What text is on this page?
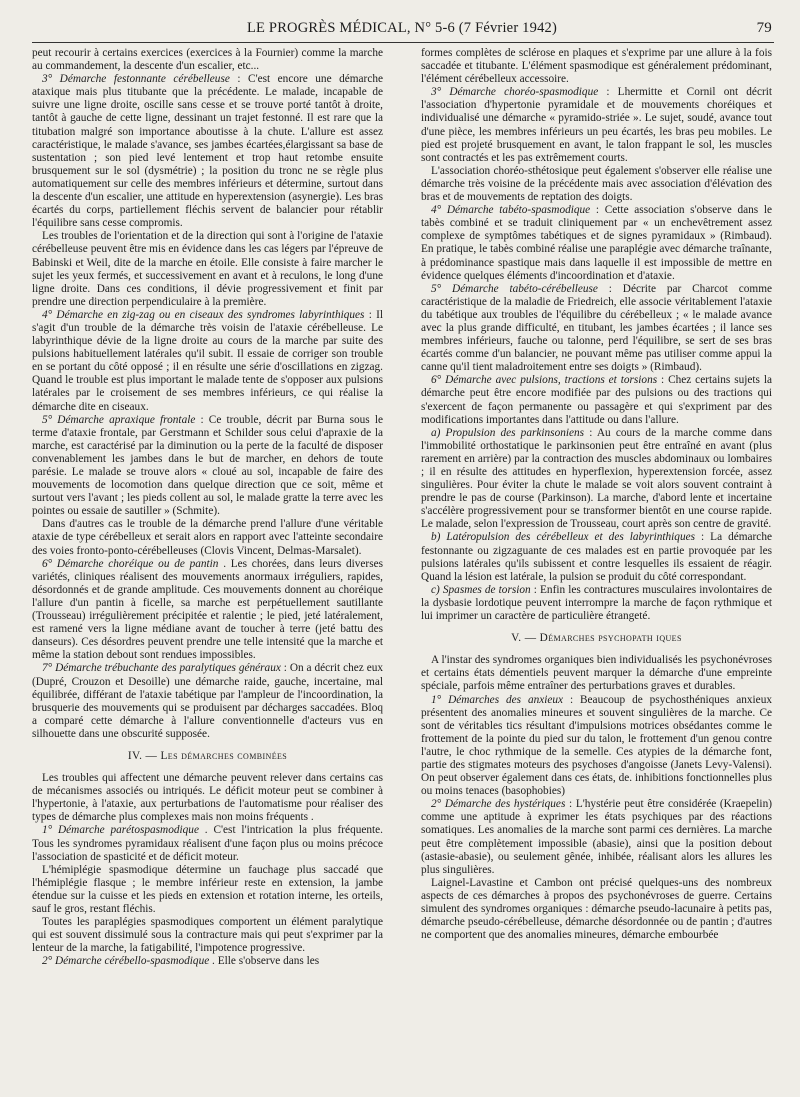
LE PROGRÈS MÉDICAL, N° 5-6 (7 Février 1942)	79

peut recourir à certains exercices (exercices à la Fournier) comme la marche au commandement, la descente d'un escalier, etc...

3° Démarche festonnante cérébelleuse : C'est encore une démarche ataxique mais plus titubante que la précédente. Le malade, incapable de suivre une ligne droite, oscille sans cesse et se trouve porté tantôt à droite, tantôt à gauche de cette ligne, dessinant un trajet festonné. Il est rare que la titubation malgré son importance aboutisse à la chute. L'allure est assez caractéristique, le malade s'avance, ses jambes écartées,élargissant sa base de sustentation ; son pied levé lentement et trop haut retombe ensuite brusquement sur le sol (dysmétrie) ; la position du tronc ne se règle plus automatiquement sur celle des membres inférieurs et détermine, surtout dans la descente d'un escalier, une attitude en hyperextension (asynergie). Les bras écartés du corps, partiellement fléchis servent de balancier pour rétablir l'équilibre sans cesse compromis.

Les troubles de l'orientation et de la direction qui sont à l'origine de l'ataxie cérébelleuse peuvent être mis en évidence dans les cas légers par l'épreuve de Babinski et Weil, dite de la marche en étoile. Elle consiste à faire marcher le sujet les yeux fermés, et successivement en avant et à reculons, le long d'une ligne droite. Dans ces conditions, il dévie progressivement et finit par prendre une direction perpendiculaire à la première.

4° Démarche en zig-zag ou en ciseaux des syndromes labyrinthiques : Il s'agit d'un trouble de la démarche très voisin de l'ataxie cérébelleuse. Le labyrinthique dévie de la ligne droite au cours de la marche par suite des pulsions habituellement latérales qu'il subit. Il essaie de corriger son trouble en se portant du côté opposé ; il en résulte une série d'oscillations en zigzag. Quand le trouble est plus important le malade tente de s'opposer aux pulsions latérales par le croisement de ses membres inférieurs, ce qui réalise la démarche dite en ciseaux.

5° Démarche apraxique frontale : Ce trouble, décrit par Burna sous le terme d'ataxie frontale, par Gerstmann et Schilder sous celui d'apraxie de la marche, est caractérisé par la diminution ou la perte de la faculté de disposer convenablement les jambes dans le but de marcher, en dehors de toute parésie. Le malade se trouve alors « cloué au sol, incapable de faire des mouvements de locomotion dans quelque direction que ce soit, même et surtout vers l'avant ; les pieds collent au sol, le malade gratte la terre avec les pointes ou essaie de sautiller » (Schmite).

Dans d'autres cas le trouble de la démarche prend l'allure d'une véritable ataxie de type cérébelleux et serait alors en rapport avec l'atteinte secondaire des voies fronto-ponto-cérébelleuses (Clovis Vincent, Delmas-Marsalet).

6° Démarche choréique ou de pantin . Les chorées, dans leurs diverses variétés, cliniques réalisent des mouvements anormaux irréguliers, rapides, désordonnés et de grande amplitude. Ces mouvements donnent au choréique l'allure d'un pantin à ficelle, sa marche est perpétuellement sautillante (Trousseau) irrégulièrement précipitée et ralentie ; le pied, jeté latéralement, est ramené vers la ligne médiane avant de toucher à terre (jeté battu des danseurs). Ces désordres peuvent prendre une telle intensité que la marche et même la station debout sont rendues impossibles.

7° Démarche trébuchante des paralytiques généraux : On a décrit chez eux (Dupré, Crouzon et Desoille) une démarche raide, gauche, incertaine, mal équilibrée, différant de l'ataxie tabétique par l'ampleur de l'incoordination, la brusquerie des mouvements qui se produisent par décharges saccadées. Bloq a comparé cette démarche à l'allure conventionnelle d'acteurs vus en silhouette dans une obscurité supposée.

IV. — Les démarches combinées

Les troubles qui affectent une démarche peuvent relever dans certains cas de mécanismes associés ou intriqués. Le déficit moteur peut se combiner à l'hypertonie, à l'ataxie, aux perturbations de l'automatisme pour réaliser des types de démarche plus complexes mais non moins fréquents .

1° Démarche parétospasmodique . C'est l'intrication la plus fréquente. Tous les syndromes pyramidaux réalisent d'une façon plus ou moins précoce l'association de spasticité et de déficit moteur.

L'hémiplégie spasmodique détermine un fauchage plus saccadé que l'hémiplégie flasque ; le membre inférieur reste en extension, la jambe étendue sur la cuisse et les pieds en extension et rotation interne, les orteils, sauf le gros, restant fléchis.

Toutes les paraplégies spasmodiques comportent un élément paralytique qui est souvent dissimulé sous la contracture mais qui peut s'exprimer par la lenteur de la marche, la fatigabilité, l'impotence progressive.

2° Démarche cérébello-spasmodique . Elle s'observe dans les

formes complètes de sclérose en plaques et s'exprime par une allure à la fois saccadée et titubante. L'élément spasmodique est généralement prédominant, l'élément cérébelleux accessoire.

3° Démarche choréo-spasmodique : Lhermitte et Cornil ont décrit l'association d'hypertonie pyramidale et de mouvements choréiques et individualisé une démarche « pyramido-striée ». Le sujet, soudé, avance tout d'une pièce, les membres inférieurs un peu écartés, les bras peu mobiles. Le pied est projeté brusquement en avant, le talon frappant le sol, les muscles sont contractés et les pas extrêmement courts.

L'association choréo-sthétosique peut également s'observer elle réalise une démarche très voisine de la précédente mais avec association d'élévation des bras et de mouvements de reptation des doigts.

4° Démarche tabéto-spasmodique : Cette association s'observe dans le tabès combiné et se traduit cliniquement par « un enchevêtrement assez complexe de symptômes tabétiques et de signes pyramidaux » (Rimbaud). En pratique, le tabès combiné réalise une paraplégie avec démarche traînante, à prédominance spastique mais dans laquelle il est impossible de mettre en évidence quelques éléments d'incoordination et d'ataxie.

5° Démarche tabéto-cérébelleuse : Décrite par Charcot comme caractéristique de la maladie de Friedreich, elle associe véritablement l'ataxie du tabétique aux troubles de l'équilibre du cérébelleux ; « le malade avance avec la plus grande difficulté, en titubant, les jambes écartées ; il lance ses membres inférieurs, fauche ou talonne, perd l'équilibre, se sert de ses bras écartés comme d'un balancier, ne pouvant même pas utiliser comme appui la canne qu'il tient maladroitement entre ses doigts » (Rimbaud).

6° Démarche avec pulsions, tractions et torsions : Chez certains sujets la démarche peut être encore modifiée par des pulsions ou des tractions qui s'exercent de façon permanente ou passagère et qui s'expriment par des modifications importantes dans l'attitude ou dans l'allure.

a) Propulsion des parkinsoniens : Au cours de la marche comme dans l'immobilité orthostatique le parkinsonien peut être entraîné en avant (plus rarement en arrière) par la contraction des muscles abdominaux ou lombaires ; il en résulte des attitudes en hyperflexion, hyperextension forcée, assez singulières. Pour éviter la chute le malade se voit alors souvent contraint à prendre le pas de course (Parkinson). La marche, d'abord lente et incertaine s'accélère progressivement pour se transformer bientôt en une course rapide. Le malade, selon l'expression de Trousseau, court après son centre de gravité.

b) Latéropulsion des cérébelleux et des labyrinthiques : La démarche festonnante ou zigzaguante de ces malades est en partie provoquée par les pulsions latérales qu'ils subissent et contre lesquelles ils essaient de réagir. Quand la lésion est latérale, la pulsion se produit du côté correspondant.

c) Spasmes de torsion : Enfin les contractures musculaires involontaires de la dysbasie lordotique peuvent interrompre la marche de façon rythmique et lui imprimer un caractère de particulière étrangeté.

V. — Démarches psychopath iques

A l'instar des syndromes organiques bien individualisés les psychonévroses et certains états démentiels peuvent marquer la démarche d'une empreinte spéciale, parfois même entraîner des perturbations graves et durables.

1° Démarches des anxieux : Beaucoup de psychosthéniques anxieux présentent des anomalies mineures et souvent singulières de la marche. Ce sont de véritables tics résultant d'impulsions motrices obsédantes comme le frottement de la pointe du pied sur du talon, le frottement d'un genou contre l'autre, le choc rythmique de la semelle. Ces atypies de la démarche font, partie des stigmates moteurs des psychoses d'angoisse (Janets Levy-Valensi). On peut observer également dans ces états, de. inhibitions fonctionnelles plus ou moins tenaces (basophobies)

2° Démarche des hystériques : L'hystérie peut être considérée (Kraepelin) comme une aptitude à exprimer les états psychiques par des réactions somatiques. Les anomalies de la marche sont parmi ces dernières. La marche peut être complètement impossible (abasie), ainsi que la position debout (astasie-abasie), ou seulement gênée, inhibée, réalisant alors les allures les plus singulières.

Laignel-Lavastine et Cambon ont précisé quelques-uns des nombreux aspects de ces démarches à propos des psychonévroses de guerre. Certains simulent des syndromes organiques : démarche pseudo-lacunaire à petits pas, démarche pseudo-cérébelleuse, démarche désordonnée ou de pantin ; d'autres ne comportent que des anomalies mineures, démarche embourbée
